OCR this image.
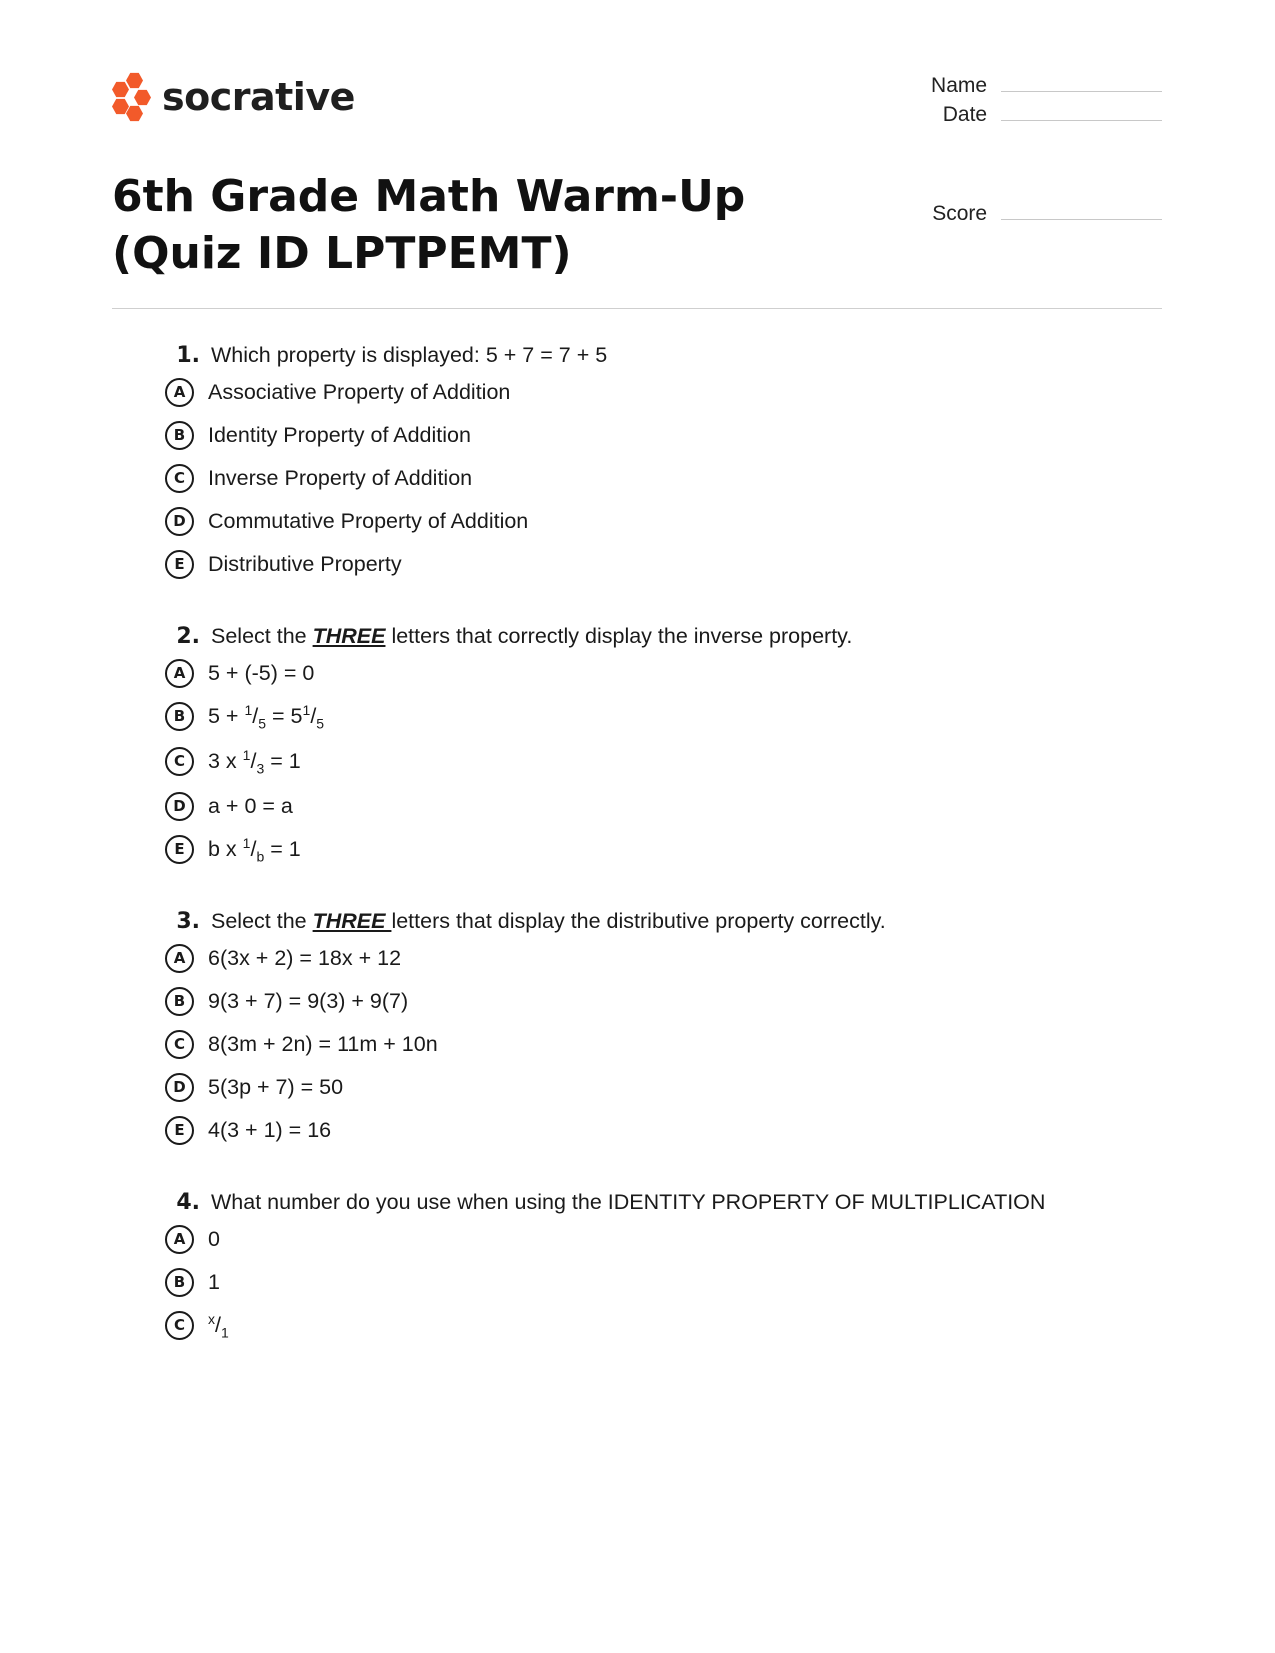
socrative
6th Grade Math Warm-Up (Quiz ID LPTPEMT)
Name
Date
Score
1. Which property is displayed: 5 + 7 = 7 + 5
A	Associative Property of Addition
B	Identity Property of Addition
C	Inverse Property of Addition
D	Commutative Property of Addition
E	Distributive Property
2. Select the THREE letters that correctly display the inverse property.
A	5 + (-5) = 0
B	$5 + ^1/_5 = 5^1/_5$
C	3 x $^1/_3 = 1$
D	a + 0 = a
E	b x $^1/_b = 1$
3. Select the THREE letters that display the distributive property correctly.
A	6(3x + 2) = 18x + 12
B	9(3 + 7) = 9(3) + 9(7)
C	8(3m + 2n) = 11m + 10n
D	5(3p + 7) = 50
E	4(3 + 1) = 16
4. What number do you use when using the IDENTITY PROPERTY OF MULTIPLICATION
A	0
B	1
C	$^x/_1$
